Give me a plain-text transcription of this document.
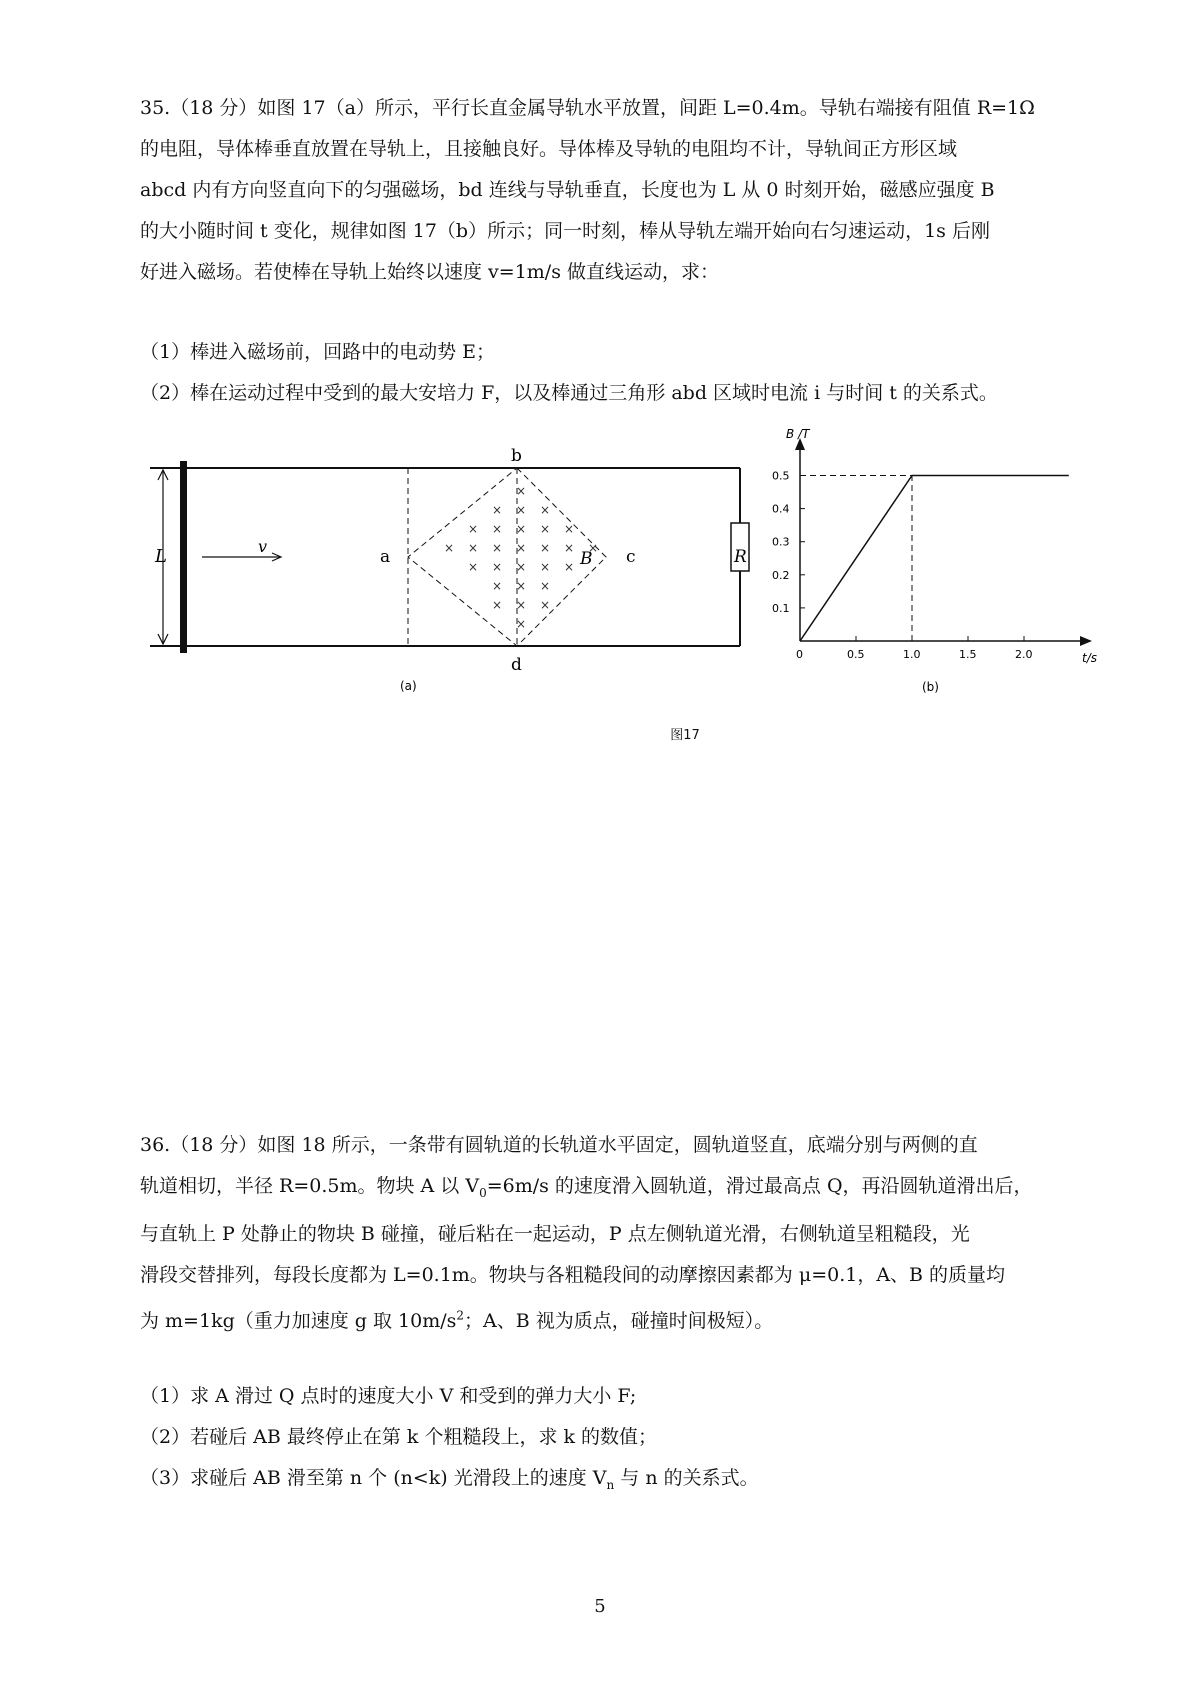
35.（18 分）如图 17（a）所示，平行长直金属导轨水平放置，间距 L=0.4m。导轨右端接有阻值 R=1Ω

的电阻，导体棒垂直放置在导轨上，且接触良好。导体棒及导轨的电阻均不计，导轨间正方形区域

abcd 内有方向竖直向下的匀强磁场，bd 连线与导轨垂直，长度也为 L 从 0 时刻开始，磁感应强度 B

的大小随时间 t 变化，规律如图 17（b）所示；同一时刻，棒从导轨左端开始向右匀速运动，1s 后刚

好进入磁场。若使棒在导轨上始终以速度 v=1m/s 做直线运动，求：

（1）棒进入磁场前，回路中的电动势 E；

（2）棒在运动过程中受到的最大安培力 F，以及棒通过三角形 abd 区域时电流 i 与时间 t 的关系式。

L	v
a
b
c
d
B	R
×
× × ×
× × × × ×
× × × × × × ×
× × × × ×
× × ×
× × ×
×
(a)
B /T
t/s
0
0.1
0.2
0.3
0.4
0.5
0.5	1.0	1.5	2.0
(b)
图17

36.（18 分）如图 18 所示，一条带有圆轨道的长轨道水平固定，圆轨道竖直，底端分别与两侧的直

轨道相切，半径 R=0.5m。物块 A 以 $V_0=6m/s$ 的速度滑入圆轨道，滑过最高点 Q，再沿圆轨道滑出后，

与直轨上 P 处静止的物块 B 碰撞，碰后粘在一起运动，P 点左侧轨道光滑，右侧轨道呈粗糙段，光

滑段交替排列，每段长度都为 L=0.1m。物块与各粗糙段间的动摩擦因素都为 μ=0.1，A、B 的质量均

为 m=1kg（重力加速度 g 取 $10m/s^2$；A、B 视为质点，碰撞时间极短）。

（1）求 A 滑过 Q 点时的速度大小 V 和受到的弹力大小 F;

（2）若碰后 AB 最终停止在第 k 个粗糙段上，求 k 的数值；

（3）求碰后 AB 滑至第 n 个 (n<k) 光滑段上的速度 $V_n$ 与 n 的关系式。

5
